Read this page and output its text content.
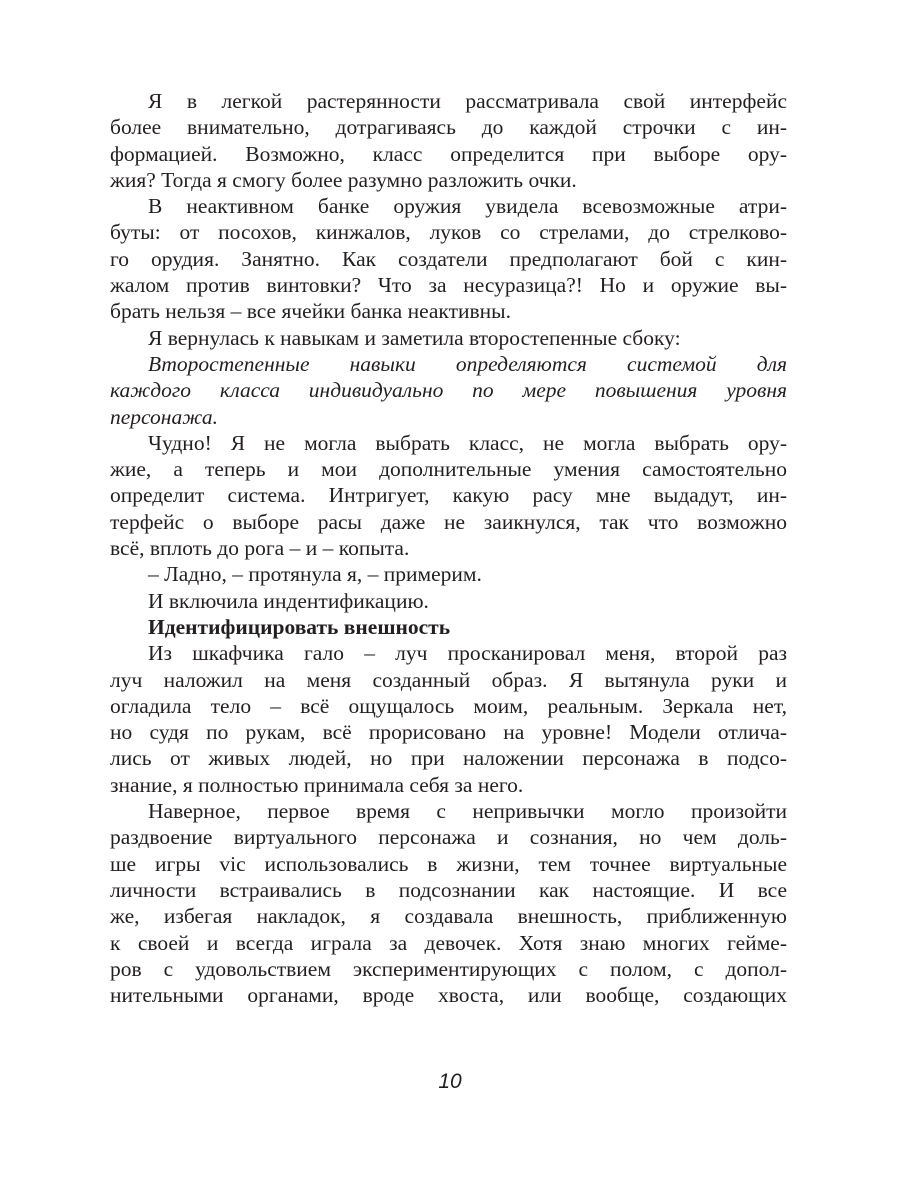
Я в легкой растерянности рассматривала свой интерфейс
более внимательно, дотрагиваясь до каждой строчки с ин-
формацией. Возможно, класс определится при выборе ору-
жия? Тогда я смогу более разумно разложить очки.
В неактивном банке оружия увидела всевозможные атри-
буты: от посохов, кинжалов, луков со стрелами, до стрелково-
го орудия. Занятно. Как создатели предполагают бой с кин-
жалом против винтовки? Что за несуразица?! Но и оружие вы-
брать нельзя – все ячейки банка неактивны.
Я вернулась к навыкам и заметила второстепенные сбоку:
Второстепенные навыки определяются системой для
каждого класса индивидуально по мере повышения уровня
персонажа.
Чудно! Я не могла выбрать класс, не могла выбрать ору-
жие, а теперь и мои дополнительные умения самостоятельно
определит система. Интригует, какую расу мне выдадут, ин-
терфейс о выборе расы даже не заикнулся, так что возможно
всё, вплоть до рога – и – копыта.
– Ладно, – протянула я, – примерим.
И включила индентификацию.
Идентифицировать внешность
Из шкафчика гало – луч просканировал меня, второй раз
луч наложил на меня созданный образ. Я вытянула руки и
огладила тело – всё ощущалось моим, реальным. Зеркала нет,
но судя по рукам, всё прорисовано на уровне! Модели отлича-
лись от живых людей, но при наложении персонажа в подсо-
знание, я полностью принимала себя за него.
Наверное, первое время с непривычки могло произойти
раздвоение виртуального персонажа и сознания, но чем доль-
ше игры vic использовались в жизни, тем точнее виртуальные
личности встраивались в подсознании как настоящие. И все
же, избегая накладок, я создавала внешность, приближенную
к своей и всегда играла за девочек. Хотя знаю многих гейме-
ров с удовольствием экспериментирующих с полом, с допол-
нительными органами, вроде хвоста, или вообще, создающих
10
